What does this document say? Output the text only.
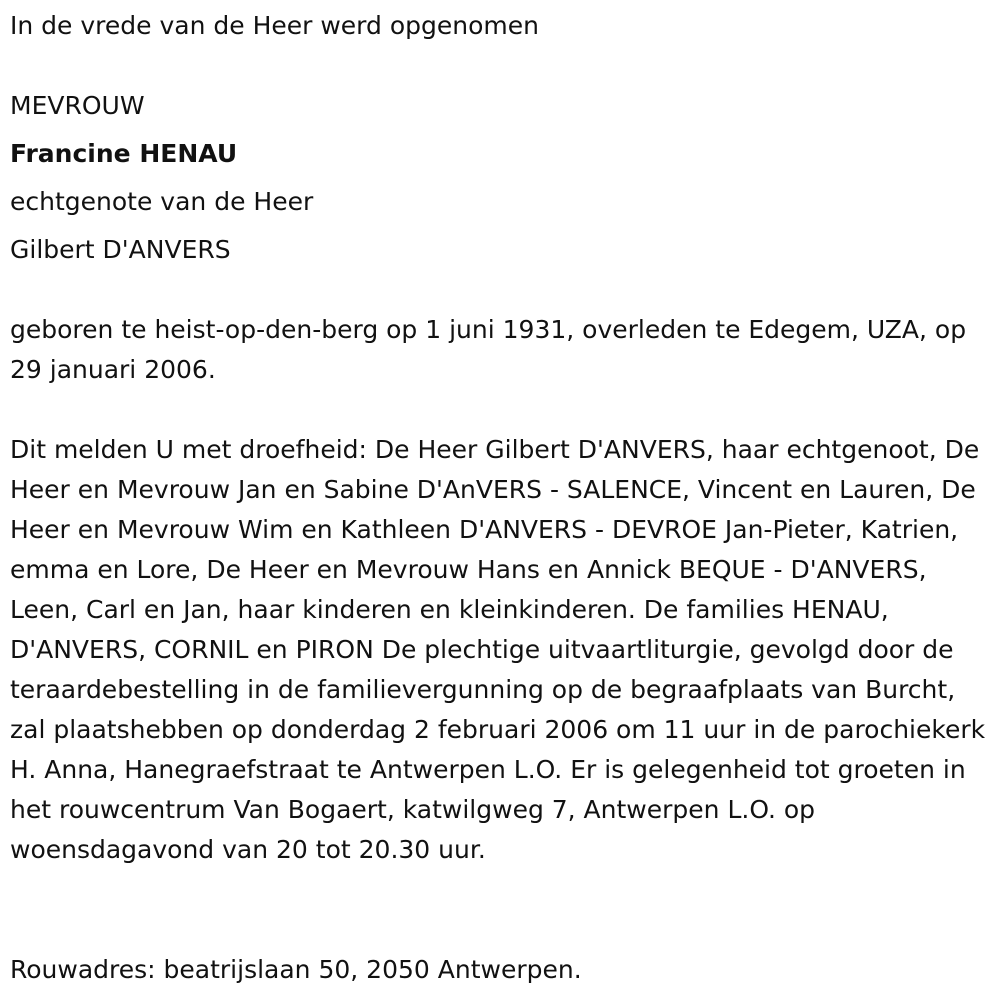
In de vrede van de Heer werd opgenomen
MEVROUW
Francine HENAU
echtgenote van de Heer
Gilbert D'ANVERS

geboren te heist-op-den-berg op 1 juni 1931, overleden te Edegem, UZA, op 29 januari 2006.

Dit melden U met droefheid: De Heer Gilbert D'ANVERS, haar echtgenoot, De Heer en Mevrouw Jan en Sabine D'AnVERS - SALENCE, Vincent en Lauren, De Heer en Mevrouw Wim en Kathleen D'ANVERS - DEVROE Jan-Pieter, Katrien, emma en Lore, De Heer en Mevrouw Hans en Annick BEQUE - D'ANVERS, Leen, Carl en Jan, haar kinderen en kleinkinderen. De families HENAU, D'ANVERS, CORNIL en PIRON De plechtige uitvaartliturgie, gevolgd door de teraardebestelling in de familievergunning op de begraafplaats van Burcht, zal plaatshebben op donderdag 2 februari 2006 om 11 uur in de parochiekerk H. Anna, Hanegraefstraat te Antwerpen L.O. Er is gelegenheid tot groeten in het rouwcentrum Van Bogaert, katwilgweg 7, Antwerpen L.O. op woensdagavond van 20 tot 20.30 uur.

Rouwadres: beatrijslaan 50, 2050 Antwerpen.
